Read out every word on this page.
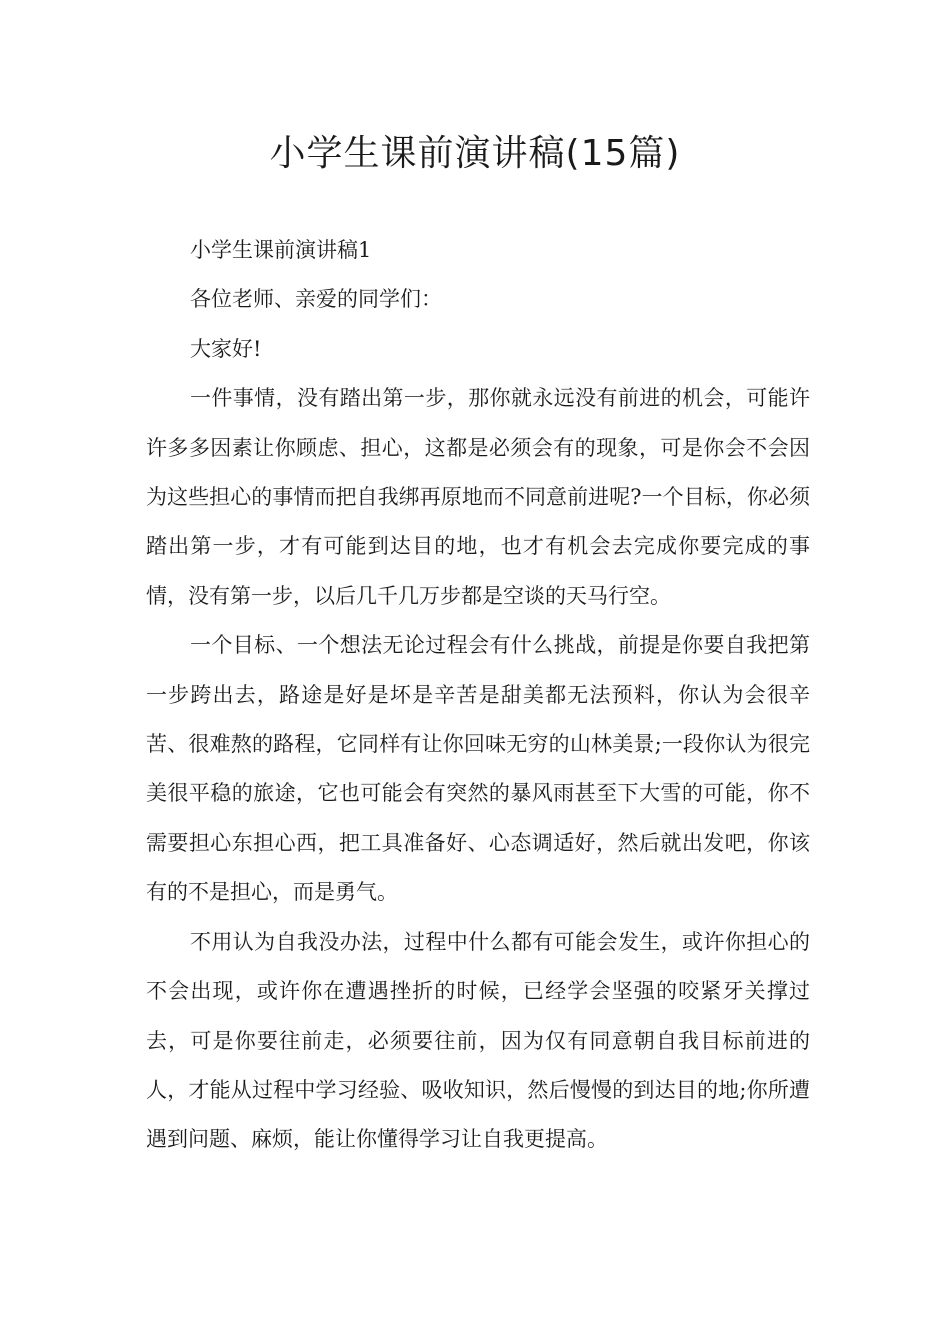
小学生课前演讲稿(15篇)

小学生课前演讲稿1

各位老师、亲爱的同学们：

大家好!

一件事情，没有踏出第一步，那你就永远没有前进的机会，可能许许多多因素让你顾虑、担心，这都是必须会有的现象，可是你会不会因为这些担心的事情而把自我绑再原地而不同意前进呢?一个目标，你必须踏出第一步，才有可能到达目的地，也才有机会去完成你要完成的事情，没有第一步，以后几千几万步都是空谈的天马行空。

一个目标、一个想法无论过程会有什么挑战，前提是你要自我把第一步跨出去，路途是好是坏是辛苦是甜美都无法预料，你认为会很辛苦、很难熬的路程，它同样有让你回味无穷的山林美景;一段你认为很完美很平稳的旅途，它也可能会有突然的暴风雨甚至下大雪的可能，你不需要担心东担心西，把工具准备好、心态调适好，然后就出发吧，你该有的不是担心，而是勇气。

不用认为自我没办法，过程中什么都有可能会发生，或许你担心的不会出现，或许你在遭遇挫折的时候，已经学会坚强的咬紧牙关撑过去，可是你要往前走，必须要往前，因为仅有同意朝自我目标前进的人，才能从过程中学习经验、吸收知识，然后慢慢的到达目的地;你所遭遇到问题、麻烦，能让你懂得学习让自我更提高。
